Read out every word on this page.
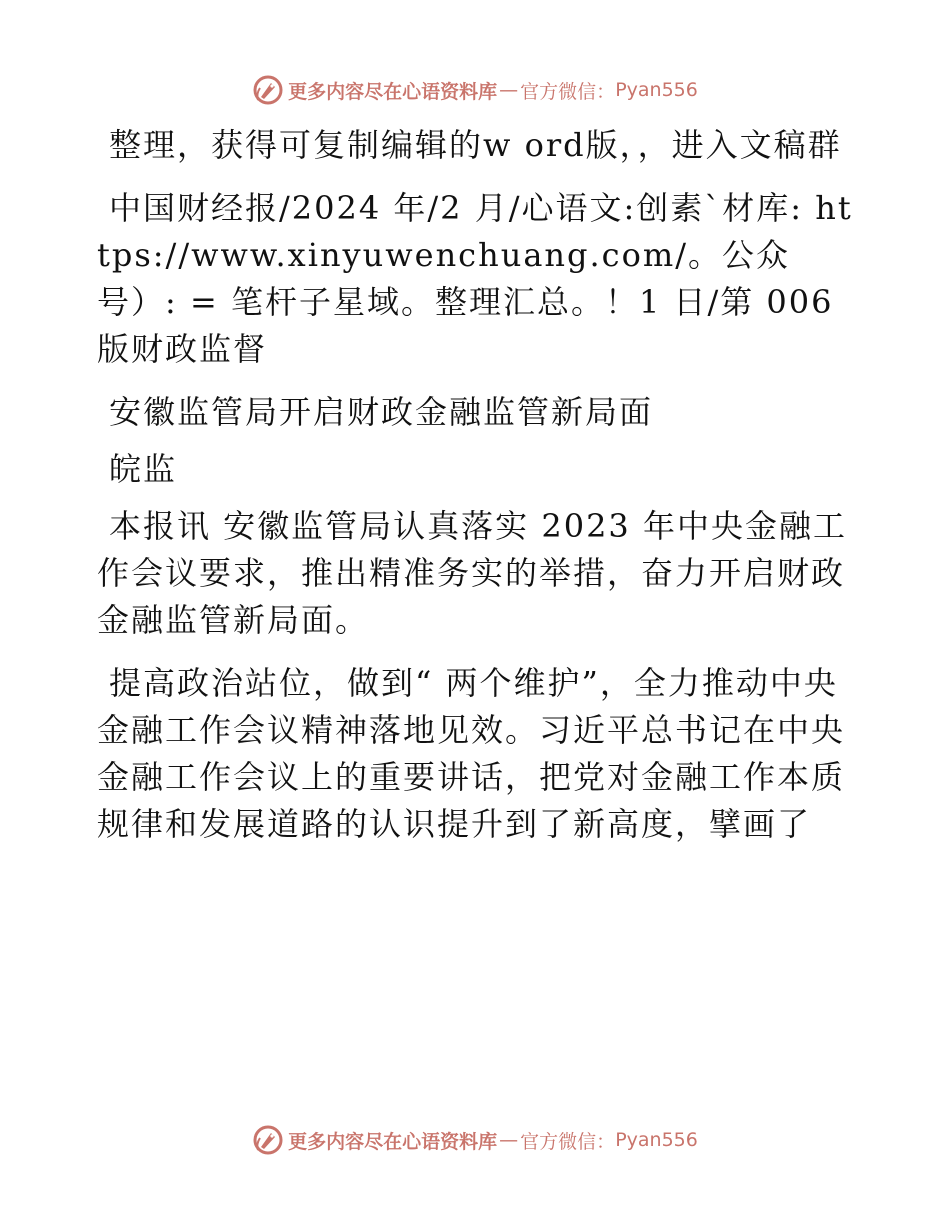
更多内容尽在心语资料库 — 官方微信： Pyan556

整理，获得可复制编辑的w ord版，，进入文稿群

中国财经报/2024 年/2 月/心语文:创素`材库: https://www.xinyuwenchuang.com/。公众号）: = 笔杆子星域。整理汇总。！1 日/第 006 版财政监督

安徽监管局开启财政金融监管新局面

皖监

本报讯 安徽监管局认真落实 2023 年中央金融工作会议要求，推出精准务实的举措，奋力开启财政金融监管新局面。

提高政治站位，做到“ 两个维护”，全力推动中央金融工作会议精神落地见效。习近平总书记在中央金融工作会议上的重要讲话，把党对金融工作本质规律和发展道路的认识提升到了新高度，擘画了

更多内容尽在心语资料库 — 官方微信： Pyan556
